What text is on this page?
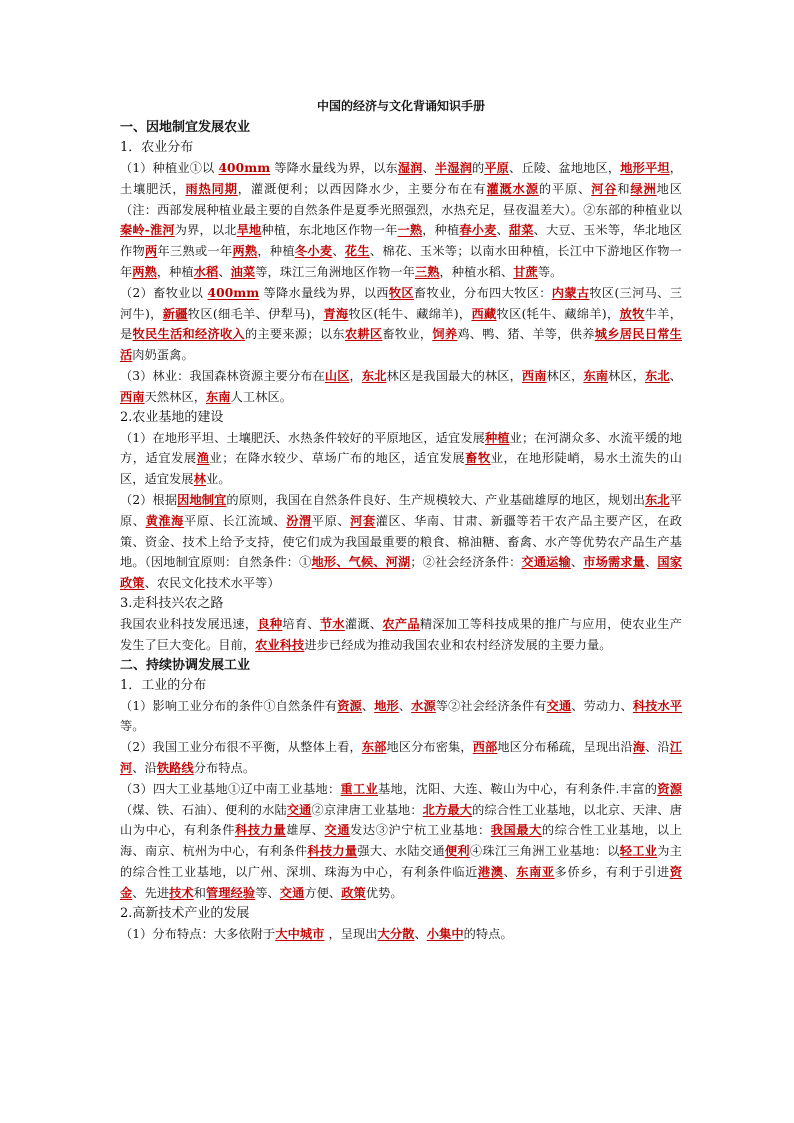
中国的经济与文化背诵知识手册
一、因地制宜发展农业
1．农业分布
（1）种植业①以 400mm 等降水量线为界，以东湿润、半湿润的平原、丘陵、盆地地区，地形平坦，土壤肥沃，雨热同期，灌溉便利；以西因降水少，主要分布在有灌溉水源的平原、河谷和绿洲地区（注：西部发展种植业最主要的自然条件是夏季光照强烈，水热充足，昼夜温差大）。②东部的种植业以秦岭-淮河为界，以北旱地种植，东北地区作物一年一熟，种植春小麦、甜菜、大豆、玉米等，华北地区作物两年三熟或一年两熟，种植冬小麦、花生、棉花、玉米等；以南水田种植，长江中下游地区作物一年两熟，种植水稻、油菜等，珠江三角洲地区作物一年三熟，种植水稻、甘蔗等。
（2）畜牧业以 400mm 等降水量线为界，以西牧区畜牧业，分布四大牧区：内蒙古牧区(三河马、三河牛)，新疆牧区(细毛羊、伊犁马)，青海牧区(牦牛、藏绵羊)，西藏牧区(牦牛、藏绵羊)，放牧牛羊，是牧民生活和经济收入的主要来源；以东农耕区畜牧业，饲养鸡、鸭、猪、羊等，供养城乡居民日常生活肉奶蛋禽。
（3）林业：我国森林资源主要分布在山区，东北林区是我国最大的林区，西南林区，东南林区，东北、西南天然林区，东南人工林区。
2.农业基地的建设
（1）在地形平坦、土壤肥沃、水热条件较好的平原地区，适宜发展种植业；在河湖众多、水流平缓的地方，适宜发展渔业；在降水较少、草场广布的地区，适宜发展畜牧业，在地形陡峭，易水土流失的山区，适宜发展林业。
（2）根据因地制宜的原则，我国在自然条件良好、生产规模较大、产业基础雄厚的地区，规划出东北平原、黄淮海平原、长江流域、汾渭平原、河套灌区、华南、甘肃、新疆等若干农产品主要产区，在政策、资金、技术上给予支持，使它们成为我国最重要的粮食、棉油糖、畜禽、水产等优势农产品生产基地。（因地制宜原则：自然条件：①地形、气候、河湖；②社会经济条件：交通运输、市场需求量、国家政策、农民文化技术水平等）
3.走科技兴农之路
我国农业科技发展迅速，良种培育、节水灌溉、农产品精深加工等科技成果的推广与应用，使农业生产发生了巨大变化。目前，农业科技进步已经成为推动我国农业和农村经济发展的主要力量。
二、持续协调发展工业
1．工业的分布
（1）影响工业分布的条件①自然条件有资源、地形、水源等②社会经济条件有交通、劳动力、科技水平等。
（2）我国工业分布很不平衡，从整体上看，东部地区分布密集，西部地区分布稀疏，呈现出沿海、沿江河、沿铁路线分布特点。
（3）四大工业基地①辽中南工业基地：重工业基地，沈阳、大连、鞍山为中心，有利条件.丰富的资源（煤、铁、石油）、便利的水陆交通②京津唐工业基地：北方最大的综合性工业基地，以北京、天津、唐山为中心，有利条件科技力量雄厚、交通发达③沪宁杭工业基地：我国最大的综合性工业基地，以上海、南京、杭州为中心，有利条件科技力量强大、水陆交通便利④珠江三角洲工业基地：以轻工业为主的综合性工业基地，以广州、深圳、珠海为中心，有利条件临近港澳、东南亚多侨乡，有利于引进资金、先进技术和管理经验等、交通方便、政策优势。
2.高新技术产业的发展
（1）分布特点：大多依附于大中城市 ，呈现出大分散、小集中的特点。
